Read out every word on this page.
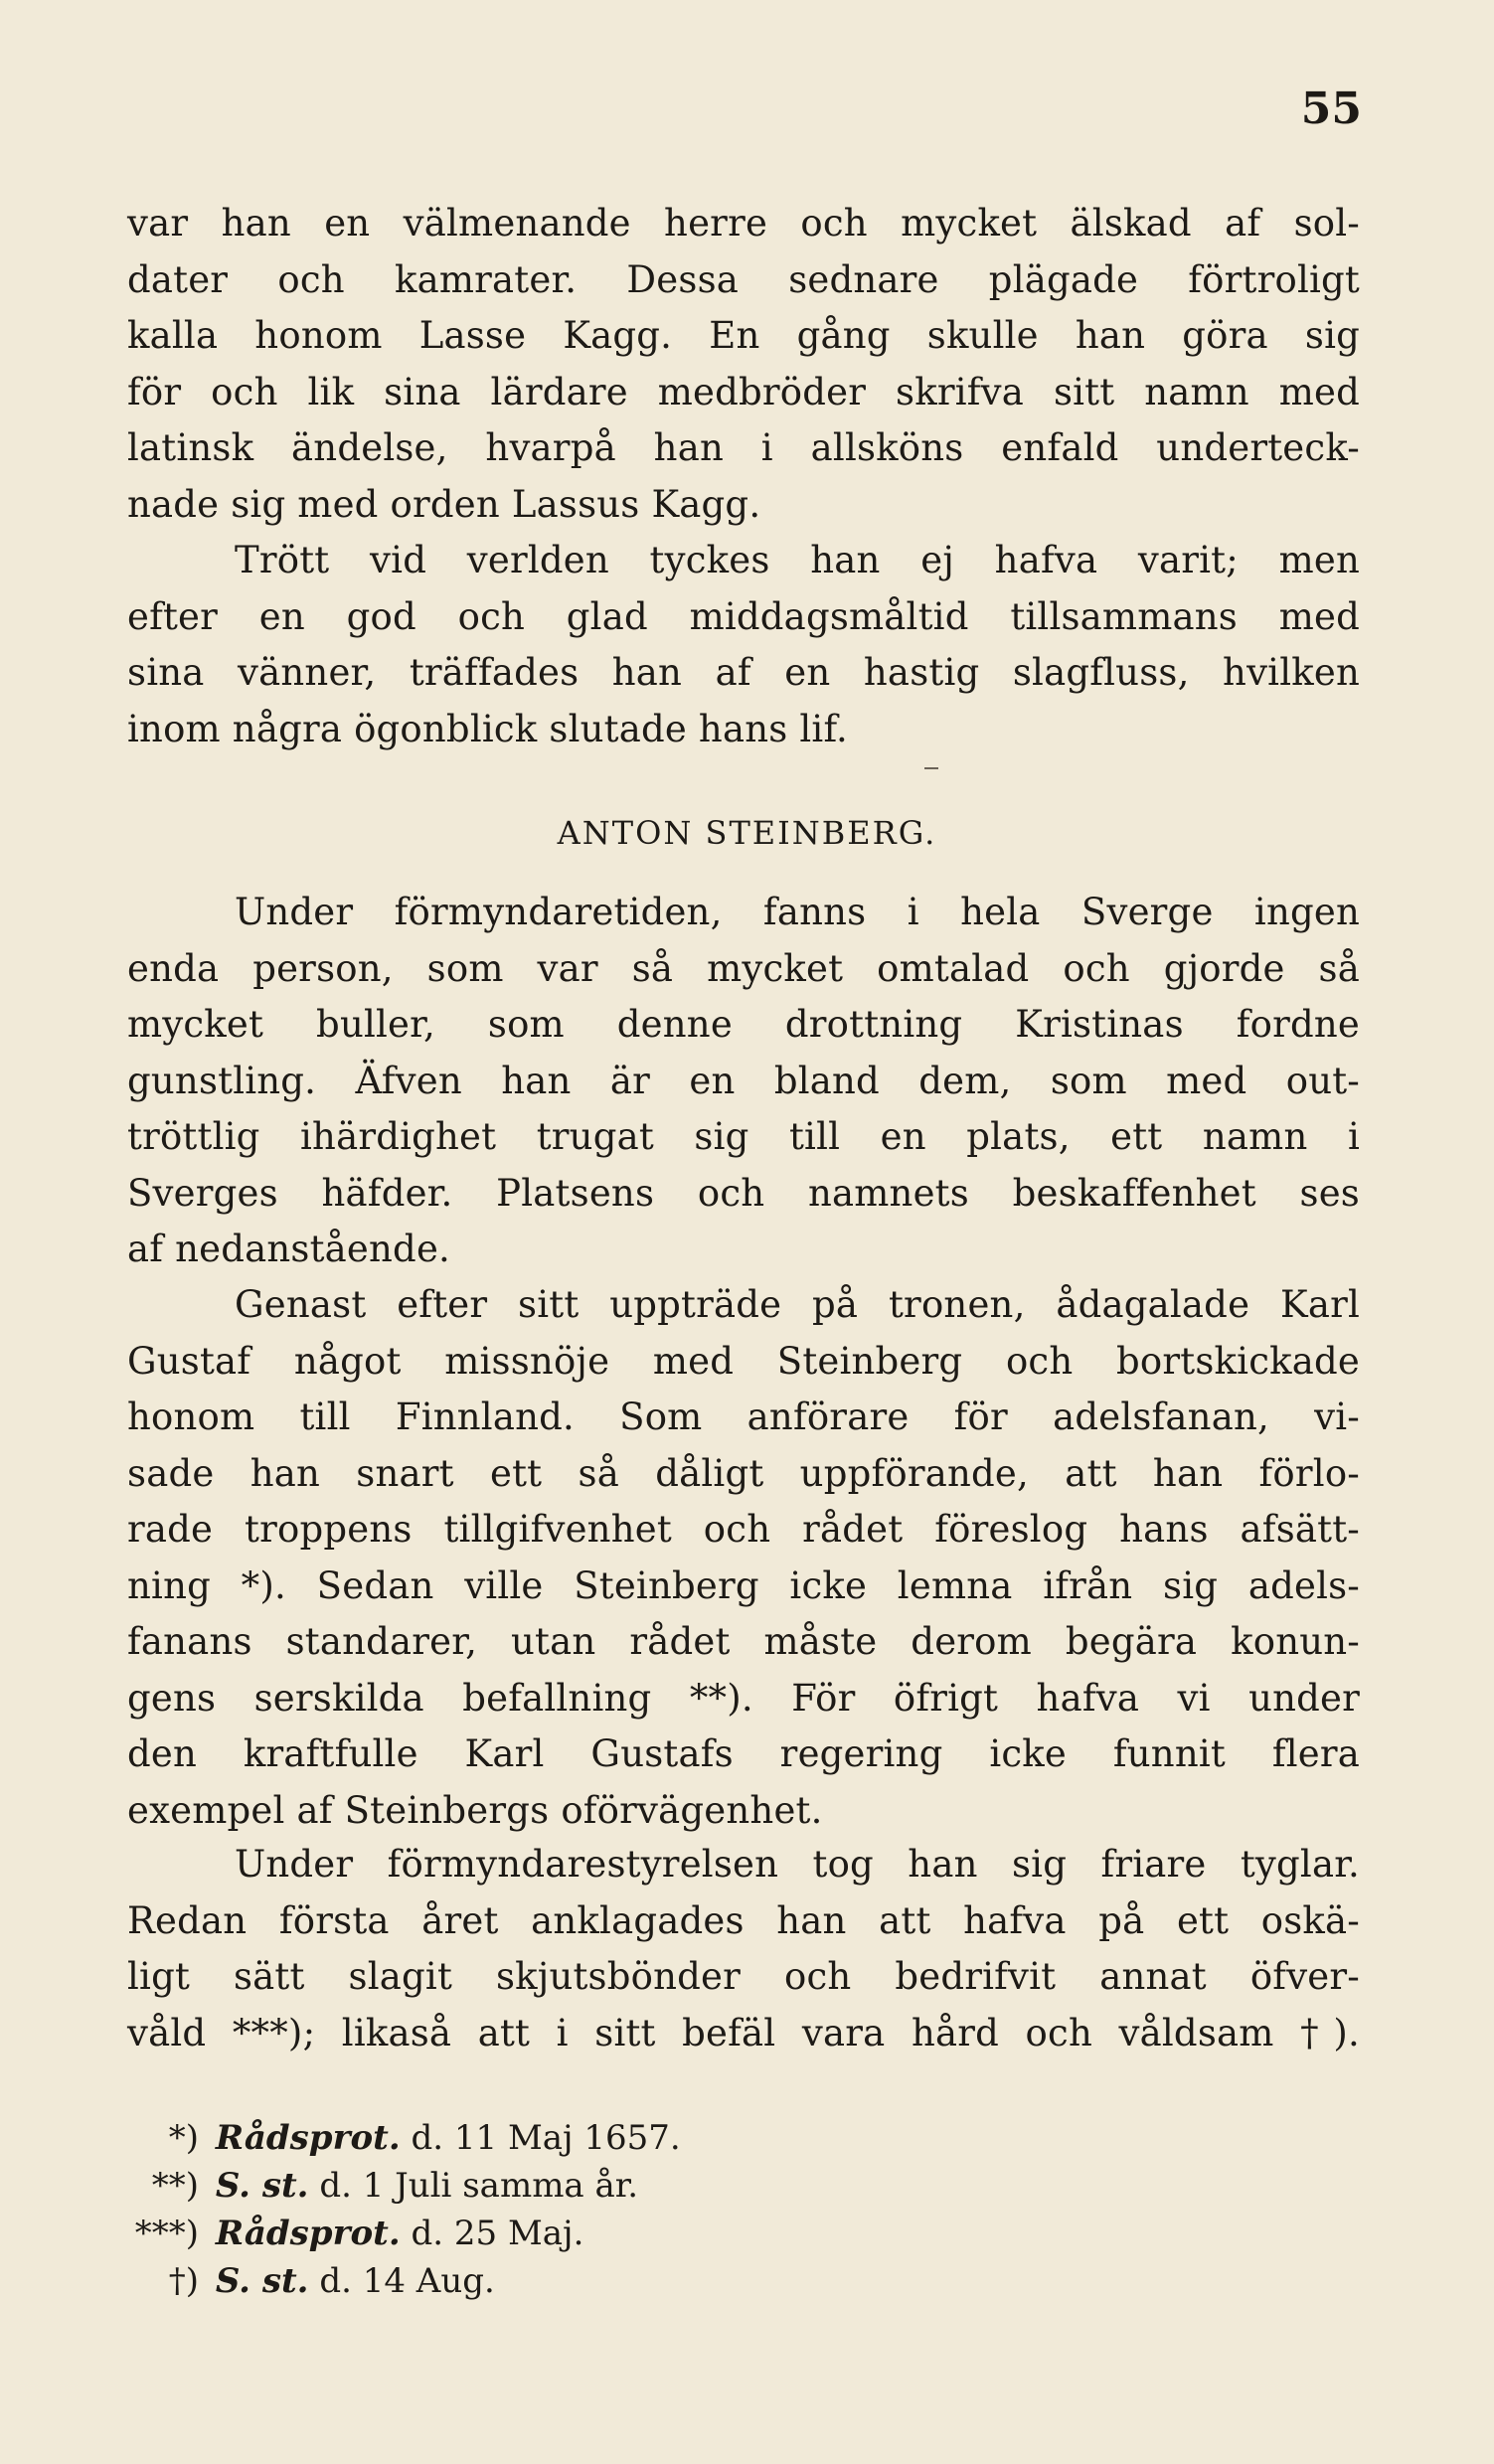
55
var han en välmenande herre och mycket älskad af sol-
dater och kamrater. Dessa sednare plägade förtroligt
kalla honom Lasse Kagg. En gång skulle han göra sig
för och lik sina lärdare medbröder skrifva sitt namn med
latinsk ändelse, hvarpå han i allsköns enfald underteck-
nade sig med orden Lassus Kagg.
Trött vid verlden tyckes han ej hafva varit; men
efter en god och glad middagsmåltid tillsammans med
sina vänner, träffades han af en hastig slagfluss, hvilken
inom några ögonblick slutade hans lif.
ANTON STEINBERG.
Under förmyndaretiden, fanns i hela Sverge ingen
enda person, som var så mycket omtalad och gjorde så
mycket buller, som denne drottning Kristinas fordne
gunstling. Äfven han är en bland dem, som med out-
tröttlig ihärdighet trugat sig till en plats, ett namn i
Sverges häfder. Platsens och namnets beskaffenhet ses
af nedanstående.
Genast efter sitt uppträde på tronen, ådagalade Karl
Gustaf något missnöje med Steinberg och bortskickade
honom till Finnland. Som anförare för adelsfanan, vi-
sade han snart ett så dåligt uppförande, att han förlo-
rade troppens tillgifvenhet och rådet föreslog hans afsätt-
ning *). Sedan ville Steinberg icke lemna ifrån sig adels-
fanans standarer, utan rådet måste derom begära konun-
gens serskilda befallning **). För öfrigt hafva vi under
den kraftfulle Karl Gustafs regering icke funnit flera
exempel af Steinbergs oförvägenhet.
Under förmyndarestyrelsen tog han sig friare tyglar.
Redan första året anklagades han att hafva på ett oskä-
ligt sätt slagit skjutsbönder och bedrifvit annat öfver-
våld ***); likaså att i sitt befäl vara hård och våldsam †).
*) Rådsprot. d. 11 Maj 1657.
**) S. st. d. 1 Juli samma år.
***) Rådsprot. d. 25 Maj.
†) S. st. d. 14 Aug.
